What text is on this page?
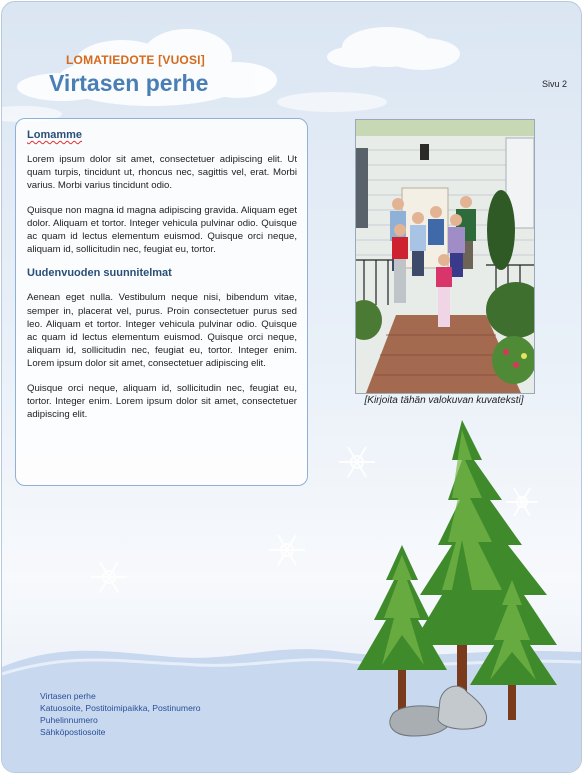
LOMATIEDOTE [VUOSI]
Virtasen perhe	Sivu 2
Lomamme

Lorem ipsum dolor sit amet, consectetuer adipiscing elit. Ut quam turpis, tincidunt ut, rhoncus nec, sagittis vel, erat. Morbi varius. Morbi varius tincidunt odio.

Quisque non magna id magna adipiscing gravida. Aliquam eget dolor. Aliquam et tortor. Integer vehicula pulvinar odio. Quisque ac quam id lectus elementum euismod. Quisque orci neque, aliquam id, sollicitudin nec, feugiat eu, tortor.

Uudenvuoden suunnitelmat

Aenean eget nulla. Vestibulum neque nisi, bibendum vitae, semper in, placerat vel, purus. Proin consectetuer purus sed leo. Aliquam et tortor. Integer vehicula pulvinar odio. Quisque ac quam id lectus elementum euismod. Quisque orci neque, aliquam id, sollicitudin nec, feugiat eu, tortor. Integer enim. Lorem ipsum dolor sit amet, consectetuer adipiscing elit.

Quisque orci neque, aliquam id, sollicitudin nec, feugiat eu, tortor. Integer enim. Lorem ipsum dolor sit amet, consectetuer adipiscing elit.

[Kirjoita tähän valokuvan kuvateksti]
Virtasen perhe
Katuosoite, Postitoimipaikka, Postinumero
Puhelinnumero
Sähköpostiosoite
